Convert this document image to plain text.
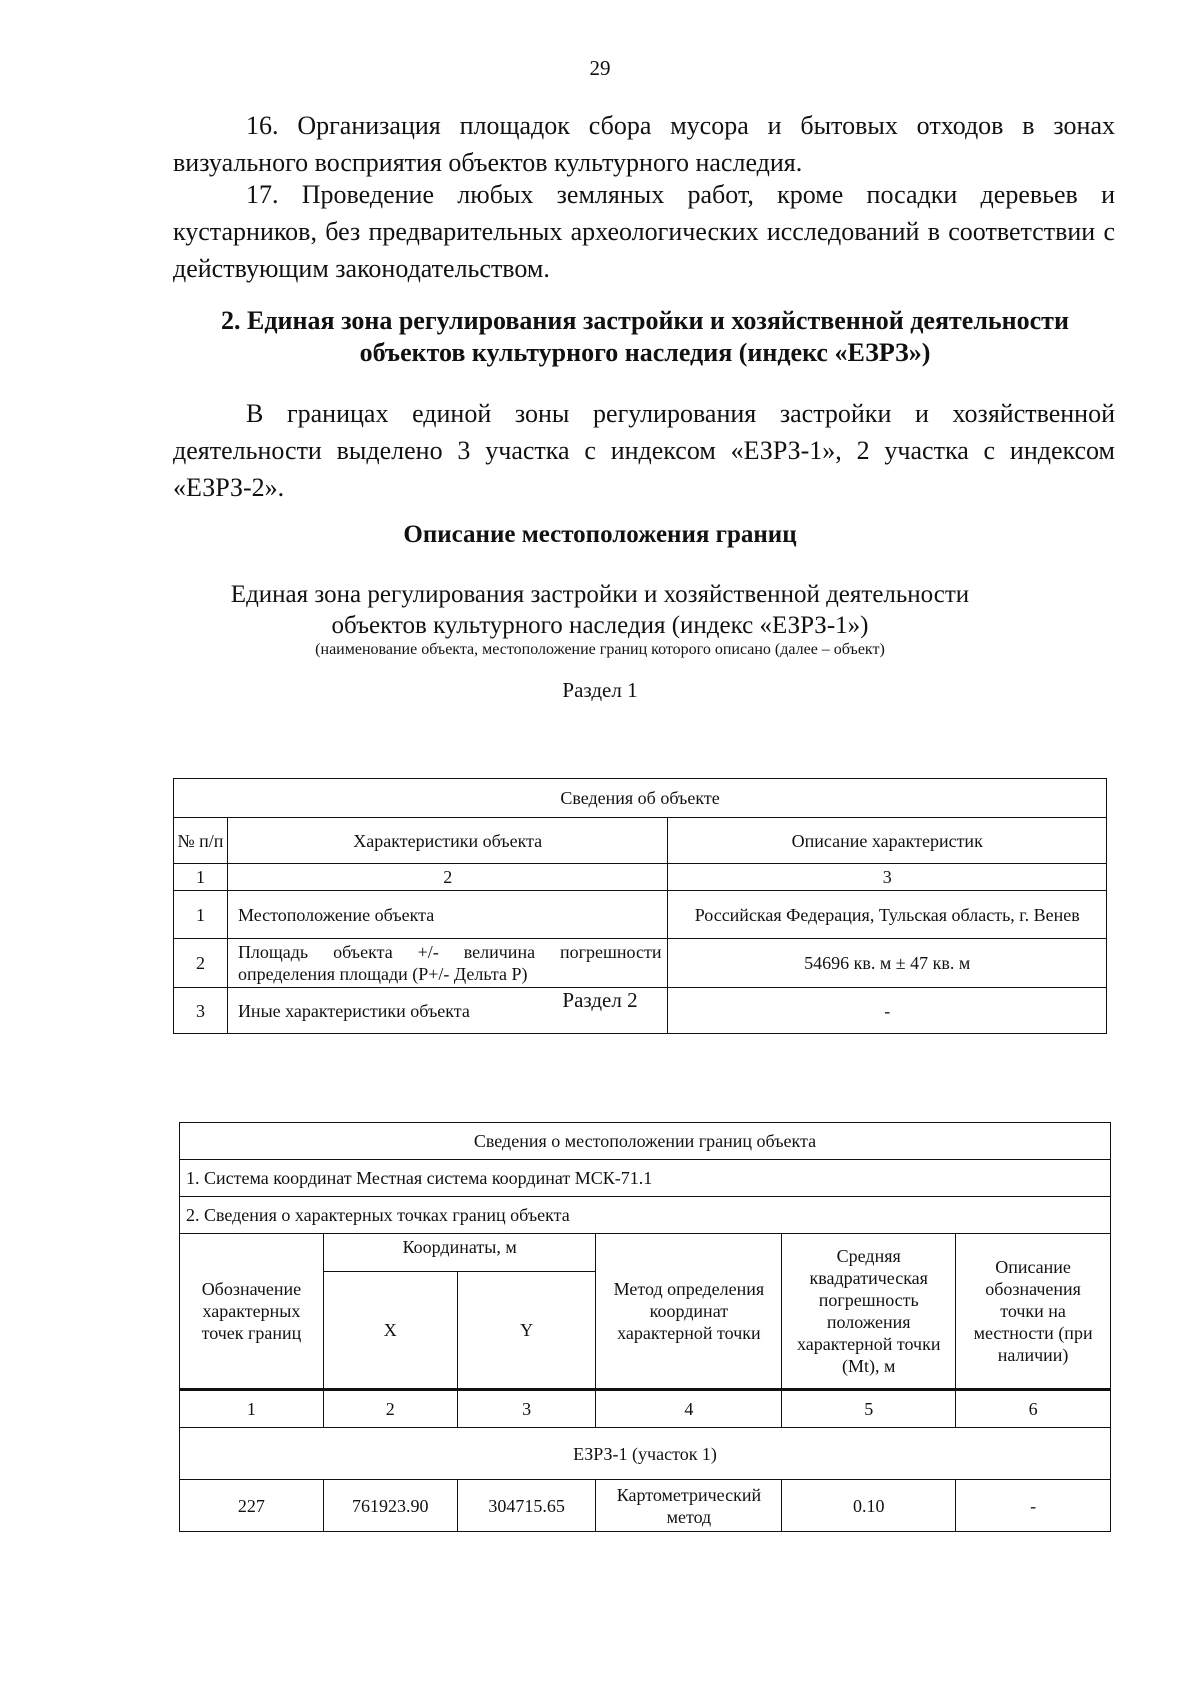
29

16. Организация площадок сбора мусора и бытовых отходов в зонах визуального восприятия объектов культурного наследия.

17. Проведение любых земляных работ, кроме посадки деревьев и кустарников, без предварительных археологических исследований в соответствии с действующим законодательством.

2. Единая зона регулирования застройки и хозяйственной деятельности
объектов культурного наследия (индекс «ЕЗРЗ»)

В границах единой зоны регулирования застройки и хозяйственной деятельности выделено 3 участка с индексом «ЕЗРЗ-1», 2 участка с индексом «ЕЗРЗ-2».

Описание местоположения границ

Единая зона регулирования застройки и хозяйственной деятельности
объектов культурного наследия (индекс «ЕЗРЗ-1»)

(наименование объекта, местоположение границ которого описано (далее – объект)

Раздел 1

Сведения об объекте		
№ п/п	Характеристики объекта	Описание характеристик
1	2	3
1	Местоположение объекта	Российская Федерация, Тульская область, г. Венев
2	Площадь объекта +/- величина погрешности определения площади (P+/- Дельта P)	54696 кв. м ± 47 кв. м
3	Иные характеристики объекта	-

Раздел 2

Сведения о местоположении границ объекта					
1. Система координат Местная система координат МСК-71.1					
2. Сведения о характерных точках границ объекта					
Обозначение характерных точек границ	Координаты, м		Метод определения координат характерной точки	Средняя квадратическая погрешность положения характерной точки (Mt), м	Описание обозначения точки на местности (при наличии)
	X	Y			
1	2	3	4	5	6
ЕЗРЗ-1 (участок 1)					
227	761923.90	304715.65	Картометрический метод	0.10	-
